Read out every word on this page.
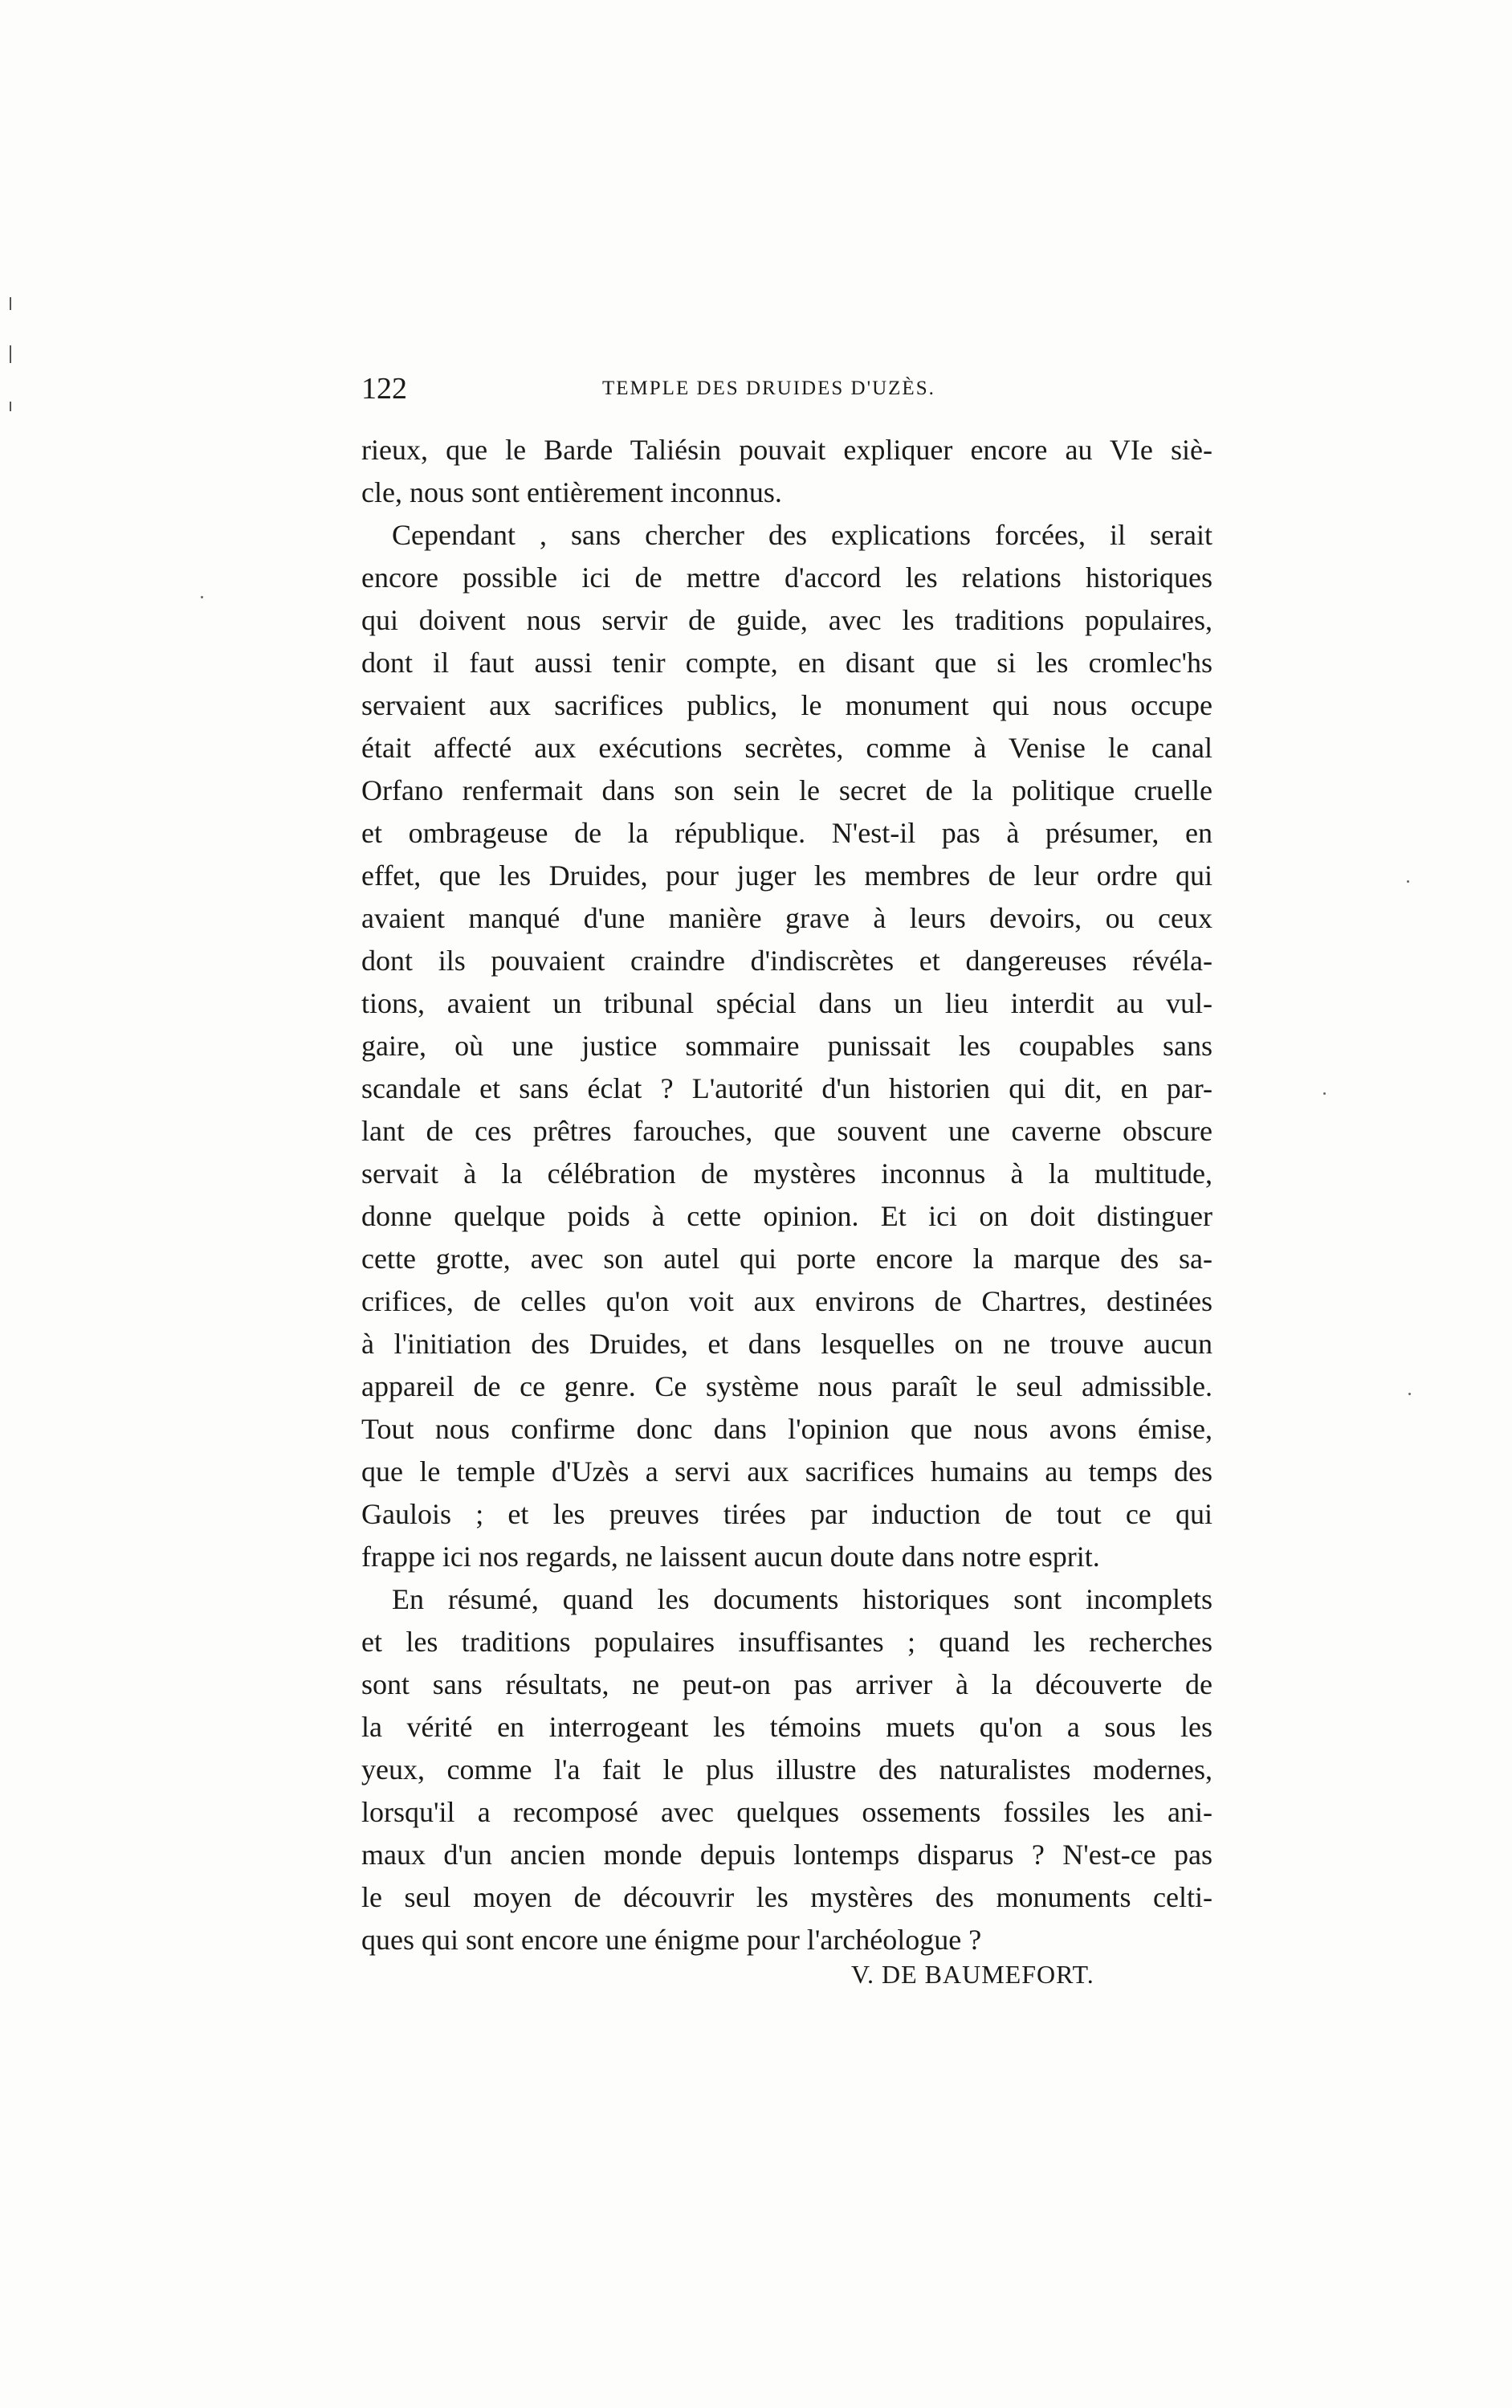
122	TEMPLE DES DRUIDES D'UZÈS.
rieux, que le Barde Taliésin pouvait expliquer encore au VIe siè-
cle, nous sont entièrement inconnus.
Cependant , sans chercher des explications forcées, il serait
encore possible ici de mettre d'accord les relations historiques
qui doivent nous servir de guide, avec les traditions populaires,
dont il faut aussi tenir compte, en disant que si les cromlec'hs
servaient aux sacrifices publics, le monument qui nous occupe
était affecté aux exécutions secrètes, comme à Venise le canal
Orfano renfermait dans son sein le secret de la politique cruelle
et ombrageuse de la république. N'est-il pas à présumer, en
effet, que les Druides, pour juger les membres de leur ordre qui
avaient manqué d'une manière grave à leurs devoirs, ou ceux
dont ils pouvaient craindre d'indiscrètes et dangereuses révéla-
tions, avaient un tribunal spécial dans un lieu interdit au vul-
gaire, où une justice sommaire punissait les coupables sans
scandale et sans éclat ? L'autorité d'un historien qui dit, en par-
lant de ces prêtres farouches, que souvent une caverne obscure
servait à la célébration de mystères inconnus à la multitude,
donne quelque poids à cette opinion. Et ici on doit distinguer
cette grotte, avec son autel qui porte encore la marque des sa-
crifices, de celles qu'on voit aux environs de Chartres, destinées
à l'initiation des Druides, et dans lesquelles on ne trouve aucun
appareil de ce genre. Ce système nous paraît le seul admissible.
Tout nous confirme donc dans l'opinion que nous avons émise,
que le temple d'Uzès a servi aux sacrifices humains au temps des
Gaulois ; et les preuves tirées par induction de tout ce qui
frappe ici nos regards, ne laissent aucun doute dans notre esprit.
En résumé, quand les documents historiques sont incomplets
et les traditions populaires insuffisantes ; quand les recherches
sont sans résultats, ne peut-on pas arriver à la découverte de
la vérité en interrogeant les témoins muets qu'on a sous les
yeux, comme l'a fait le plus illustre des naturalistes modernes,
lorsqu'il a recomposé avec quelques ossements fossiles les ani-
maux d'un ancien monde depuis lontemps disparus ? N'est-ce pas
le seul moyen de découvrir les mystères des monuments celti-
ques qui sont encore une énigme pour l'archéologue ?
V. DE BAUMEFORT.
